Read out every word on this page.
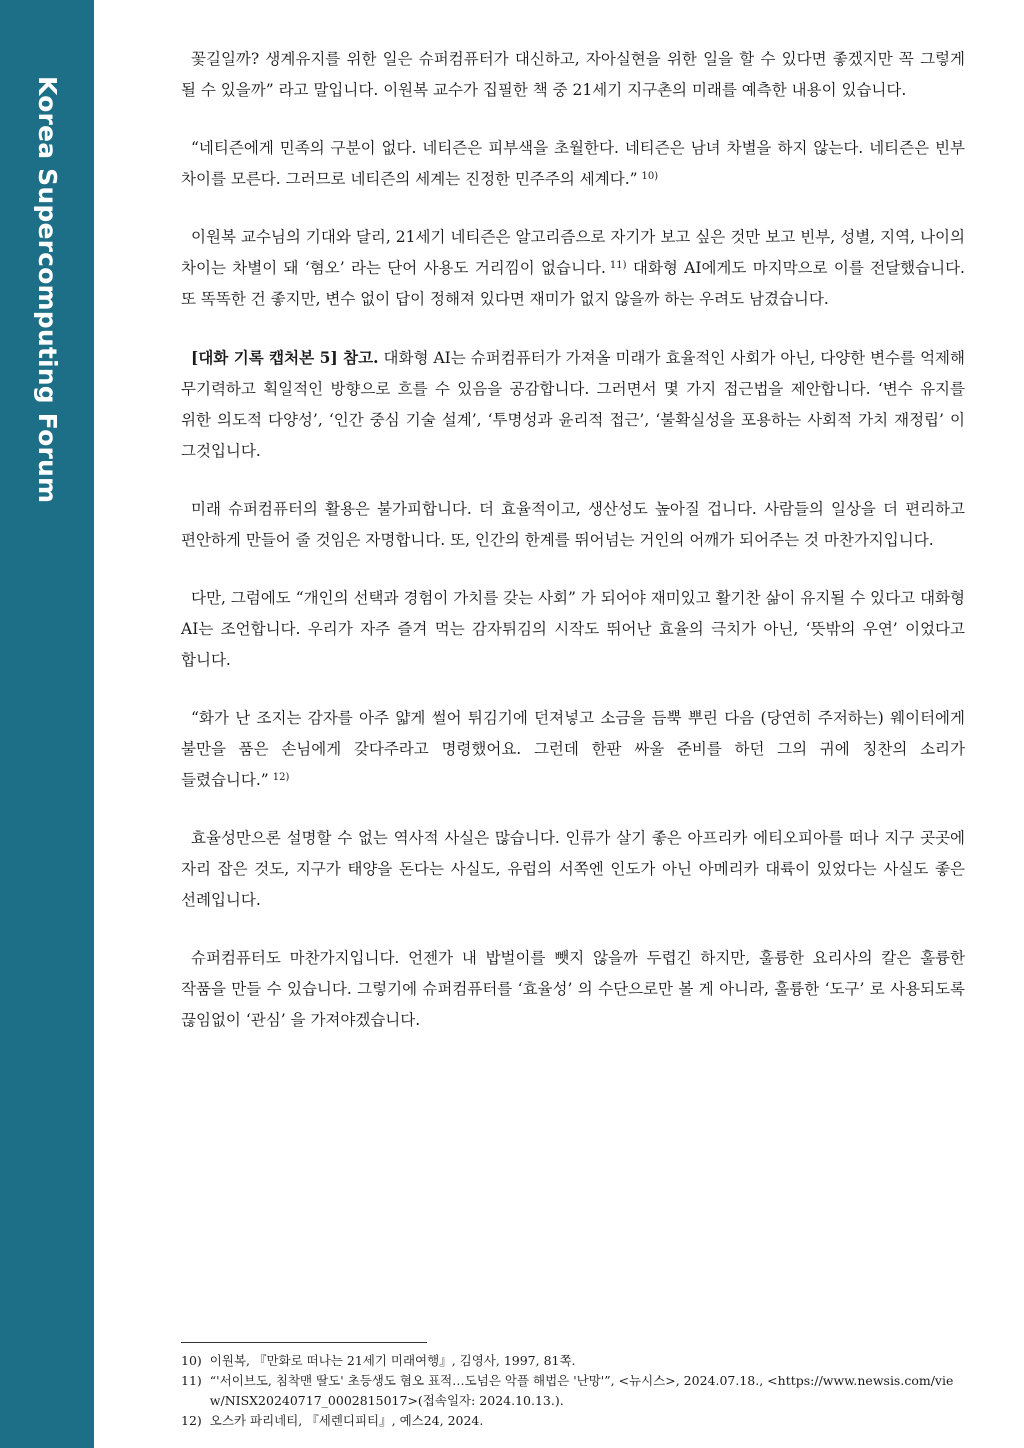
Korea Supercomputing Forum

꽃길일까? 생계유지를 위한 일은 슈퍼컴퓨터가 대신하고, 자아실현을 위한 일을 할 수 있다면 좋겠지만 꼭 그렇게 될 수 있을까” 라고 말입니다. 이원복 교수가 집필한 책 중 21세기 지구촌의 미래를 예측한 내용이 있습니다.

“네티즌에게 민족의 구분이 없다. 네티즌은 피부색을 초월한다. 네티즌은 남녀 차별을 하지 않는다. 네티즌은 빈부 차이를 모른다. 그러므로 네티즌의 세계는 진정한 민주주의 세계다.” $^{10)}$

이원복 교수님의 기대와 달리, 21세기 네티즌은 알고리즘으로 자기가 보고 싶은 것만 보고 빈부, 성별, 지역, 나이의 차이는 차별이 돼 ‘혐오’ 라는 단어 사용도 거리낌이 없습니다. $^{11)}$ 대화형 AI에게도 마지막으로 이를 전달했습니다. 또 똑똑한 건 좋지만, 변수 없이 답이 정해져 있다면 재미가 없지 않을까 하는 우려도 남겼습니다.

[대화 기록 캡처본 5] 참고. 대화형 AI는 슈퍼컴퓨터가 가져올 미래가 효율적인 사회가 아닌, 다양한 변수를 억제해 무기력하고 획일적인 방향으로 흐를 수 있음을 공감합니다. 그러면서 몇 가지 접근법을 제안합니다. ‘변수 유지를 위한 의도적 다양성’, ‘인간 중심 기술 설계’, ‘투명성과 윤리적 접근’, ‘불확실성을 포용하는 사회적 가치 재정립’ 이 그것입니다.

미래 슈퍼컴퓨터의 활용은 불가피합니다. 더 효율적이고, 생산성도 높아질 겁니다. 사람들의 일상을 더 편리하고 편안하게 만들어 줄 것임은 자명합니다. 또, 인간의 한계를 뛰어넘는 거인의 어깨가 되어주는 것 마찬가지입니다.

다만, 그럼에도 “개인의 선택과 경험이 가치를 갖는 사회” 가 되어야 재미있고 활기찬 삶이 유지될 수 있다고 대화형 AI는 조언합니다. 우리가 자주 즐겨 먹는 감자튀김의 시작도 뛰어난 효율의 극치가 아닌, ‘뜻밖의 우연’ 이었다고 합니다.

“화가 난 조지는 감자를 아주 얇게 썰어 튀김기에 던져넣고 소금을 듬뿍 뿌린 다음 (당연히 주저하는) 웨이터에게 불만을 품은 손님에게 갖다주라고 명령했어요. 그런데 한판 싸울 준비를 하던 그의 귀에 칭찬의 소리가 들렸습니다.” $^{12)}$

효율성만으론 설명할 수 없는 역사적 사실은 많습니다. 인류가 살기 좋은 아프리카 에티오피아를 떠나 지구 곳곳에 자리 잡은 것도, 지구가 태양을 돈다는 사실도, 유럽의 서쪽엔 인도가 아닌 아메리카 대륙이 있었다는 사실도 좋은 선례입니다.

슈퍼컴퓨터도 마찬가지입니다. 언젠가 내 밥벌이를 뺏지 않을까 두렵긴 하지만, 훌륭한 요리사의 칼은 훌륭한 작품을 만들 수 있습니다. 그렇기에 슈퍼컴퓨터를 ‘효율성’ 의 수단으로만 볼 게 아니라, 훌륭한 ‘도구’ 로 사용되도록 끊임없이 ‘관심’ 을 가져야겠습니다.

10) 이원복, 『만화로 떠나는 21세기 미래여행』, 김영사, 1997, 81쪽.
11) “'서이브도, 침착맨 딸도' 초등생도 혐오 표적…도넘은 악플 해법은 '난망'”, <뉴시스>, 2024.07.18., <https://www.newsis.com/view/NISX20240717_0002815017>(접속일자: 2024.10.13.).
12) 오스카 파리네티, 『세렌디피티』, 예스24, 2024.
